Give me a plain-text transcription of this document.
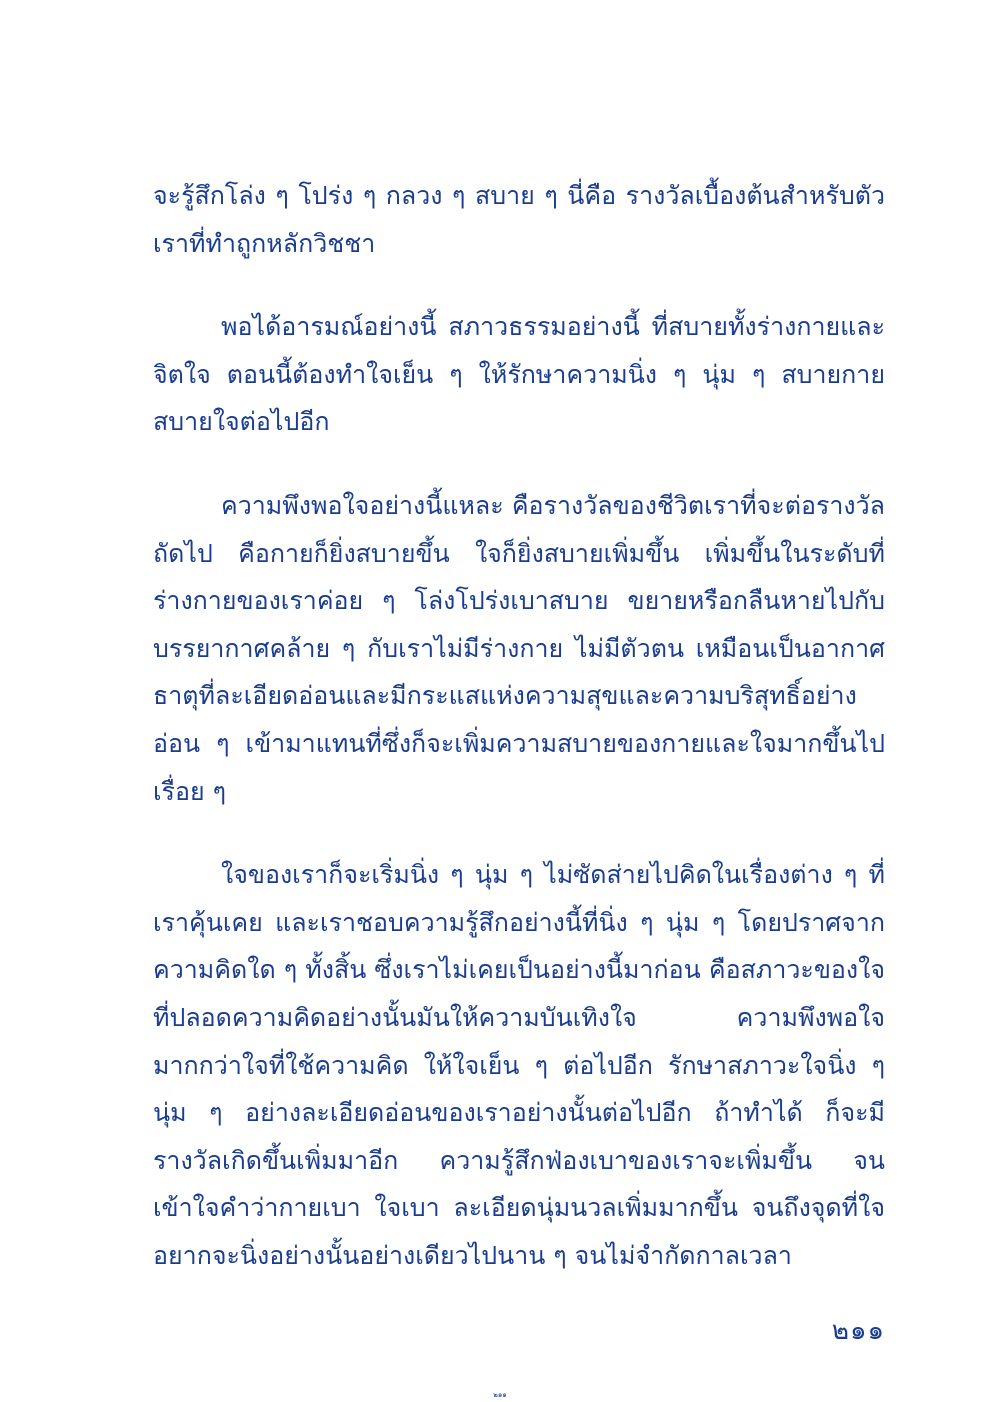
จะรู้สึกโล่ง ๆ โปร่ง ๆ กลวง ๆ สบาย ๆ นี่คือ รางวัลเบื้องต้นสำหรับตัวเราที่ทำถูกหลักวิชชา

พอได้อารมณ์อย่างนี้ สภาวธรรมอย่างนี้ ที่สบายทั้งร่างกายและจิตใจ ตอนนี้ต้องทำใจเย็น ๆ ให้รักษาความนิ่ง ๆ นุ่ม ๆ สบายกายสบายใจต่อไปอีก

ความพึงพอใจอย่างนี้แหละ คือรางวัลของชีวิตเราที่จะต่อรางวัลถัดไป คือกายก็ยิ่งสบายขึ้น ใจก็ยิ่งสบายเพิ่มขึ้น เพิ่มขึ้นในระดับที่ร่างกายของเราค่อย ๆ โล่งโปร่งเบาสบาย ขยายหรือกลืนหายไปกับบรรยากาศคล้าย ๆ กับเราไม่มีร่างกาย ไม่มีตัวตน เหมือนเป็นอากาศธาตุที่ละเอียดอ่อนและมีกระแสแห่งความสุขและความบริสุทธิ์อย่างอ่อน ๆ เข้ามาแทนที่ซึ่งก็จะเพิ่มความสบายของกายและใจมากขึ้นไปเรื่อย ๆ

ใจของเราก็จะเริ่มนิ่ง ๆ นุ่ม ๆ ไม่ซัดส่ายไปคิดในเรื่องต่าง ๆ ที่เราคุ้นเคย และเราชอบความรู้สึกอย่างนี้ที่นิ่ง ๆ นุ่ม ๆ โดยปราศจากความคิดใด ๆ ทั้งสิ้น ซึ่งเราไม่เคยเป็นอย่างนี้มาก่อน คือสภาวะของใจที่ปลอดความคิดอย่างนั้นมันให้ความบันเทิงใจ ความพึงพอใจ มากกว่าใจที่ใช้ความคิด ให้ใจเย็น ๆ ต่อไปอีก รักษาสภาวะใจนิ่ง ๆ นุ่ม ๆ อย่างละเอียดอ่อนของเราอย่างนั้นต่อไปอีก ถ้าทำได้ ก็จะมีรางวัลเกิดขึ้นเพิ่มมาอีก ความรู้สึกฟ่องเบาของเราจะเพิ่มขึ้น จนเข้าใจคำว่ากายเบา ใจเบา ละเอียดนุ่มนวลเพิ่มมากขึ้น จนถึงจุดที่ใจอยากจะนิ่งอย่างนั้นอย่างเดียวไปนาน ๆ จนไม่จำกัดกาลเวลา

๒๑๑
๒๑๑
